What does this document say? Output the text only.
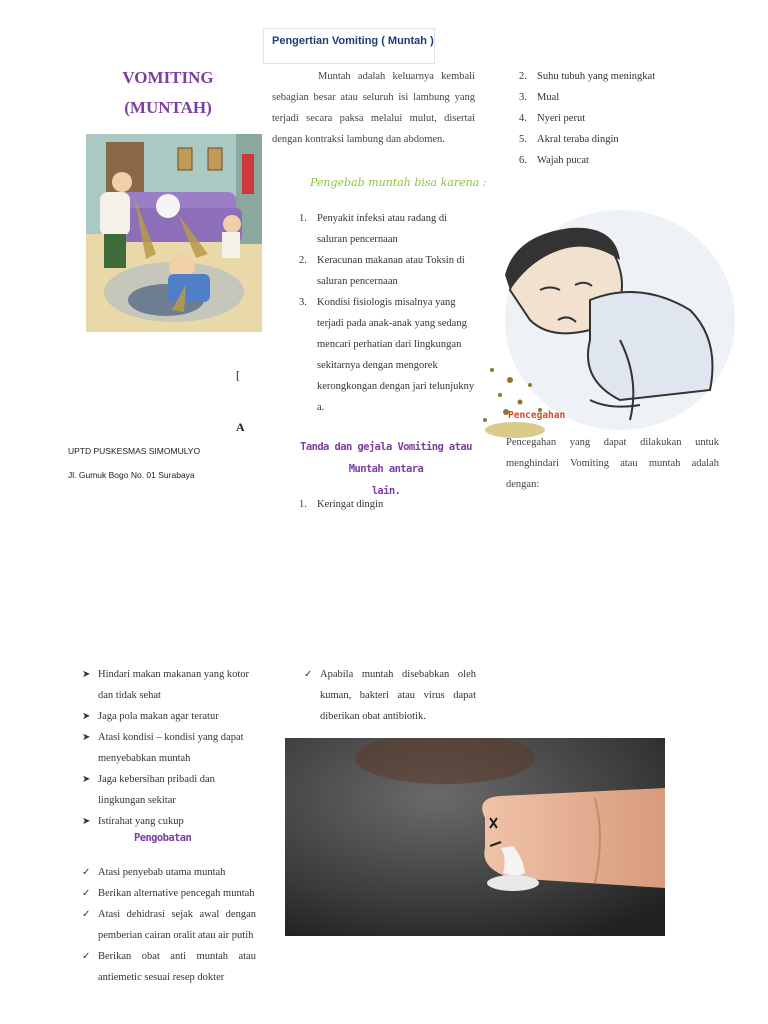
Pengertian Vomiting ( Muntah )
VOMITING
(MUNTAH)
[
A
UPTD PUSKESMAS SIMOMULYO
Jl. Gumuk Bogo No. 01 Surabaya
Muntah adalah keluarnya kembali sebagian besar atau seluruh isi lambung yang terjadi secara paksa melalui mulut, disertai dengan kontraksi lambung dan abdomen.
Pengebab muntah bisa karena :
1. Penyakit infeksi atau radang di saluran pencernaan
2. Keracunan makanan atau Toksin di saluran pencernaan
3. Kondisi fisiologis misalnya yang terjadi pada anak-anak yang sedang mencari perhatian dari lingkungan sekitarnya dengan mengorek kerongkongan dengan jari telunjukny a.
Tanda dan gejala Vomiting atau Muntah antara
lain.
1. Keringat dingin
2. Suhu tubuh yang meningkat
3. Mual
4. Nyeri perut
5. Akral teraba dingin
6. Wajah pucat
Pencegahan
Pencegahan yang dapat dilakukan untuk menghindari Vomiting atau muntah adalah dengan:
➤ Hindari makan makanan yang kotor dan tidak sehat
➤ Jaga pola makan agar teratur
➤ Atasi kondisi – kondisi yang dapat menyebabkan muntah
➤ Jaga kebersihan pribadi dan lingkungan sekitar
➤ Istirahat yang cukup
Pengobatan
✓ Atasi penyebab utama muntah
✓ Berikan alternative pencegah muntah
✓ Atasi dehidrasi sejak awal dengan pemberian cairan oralit atau air putih
✓ Berikan obat anti muntah atau antiemetic sesuai resep dokter
✓ Apabila muntah disebabkan oleh kuman, bakteri atau virus dapat diberikan obat antibiotik.
